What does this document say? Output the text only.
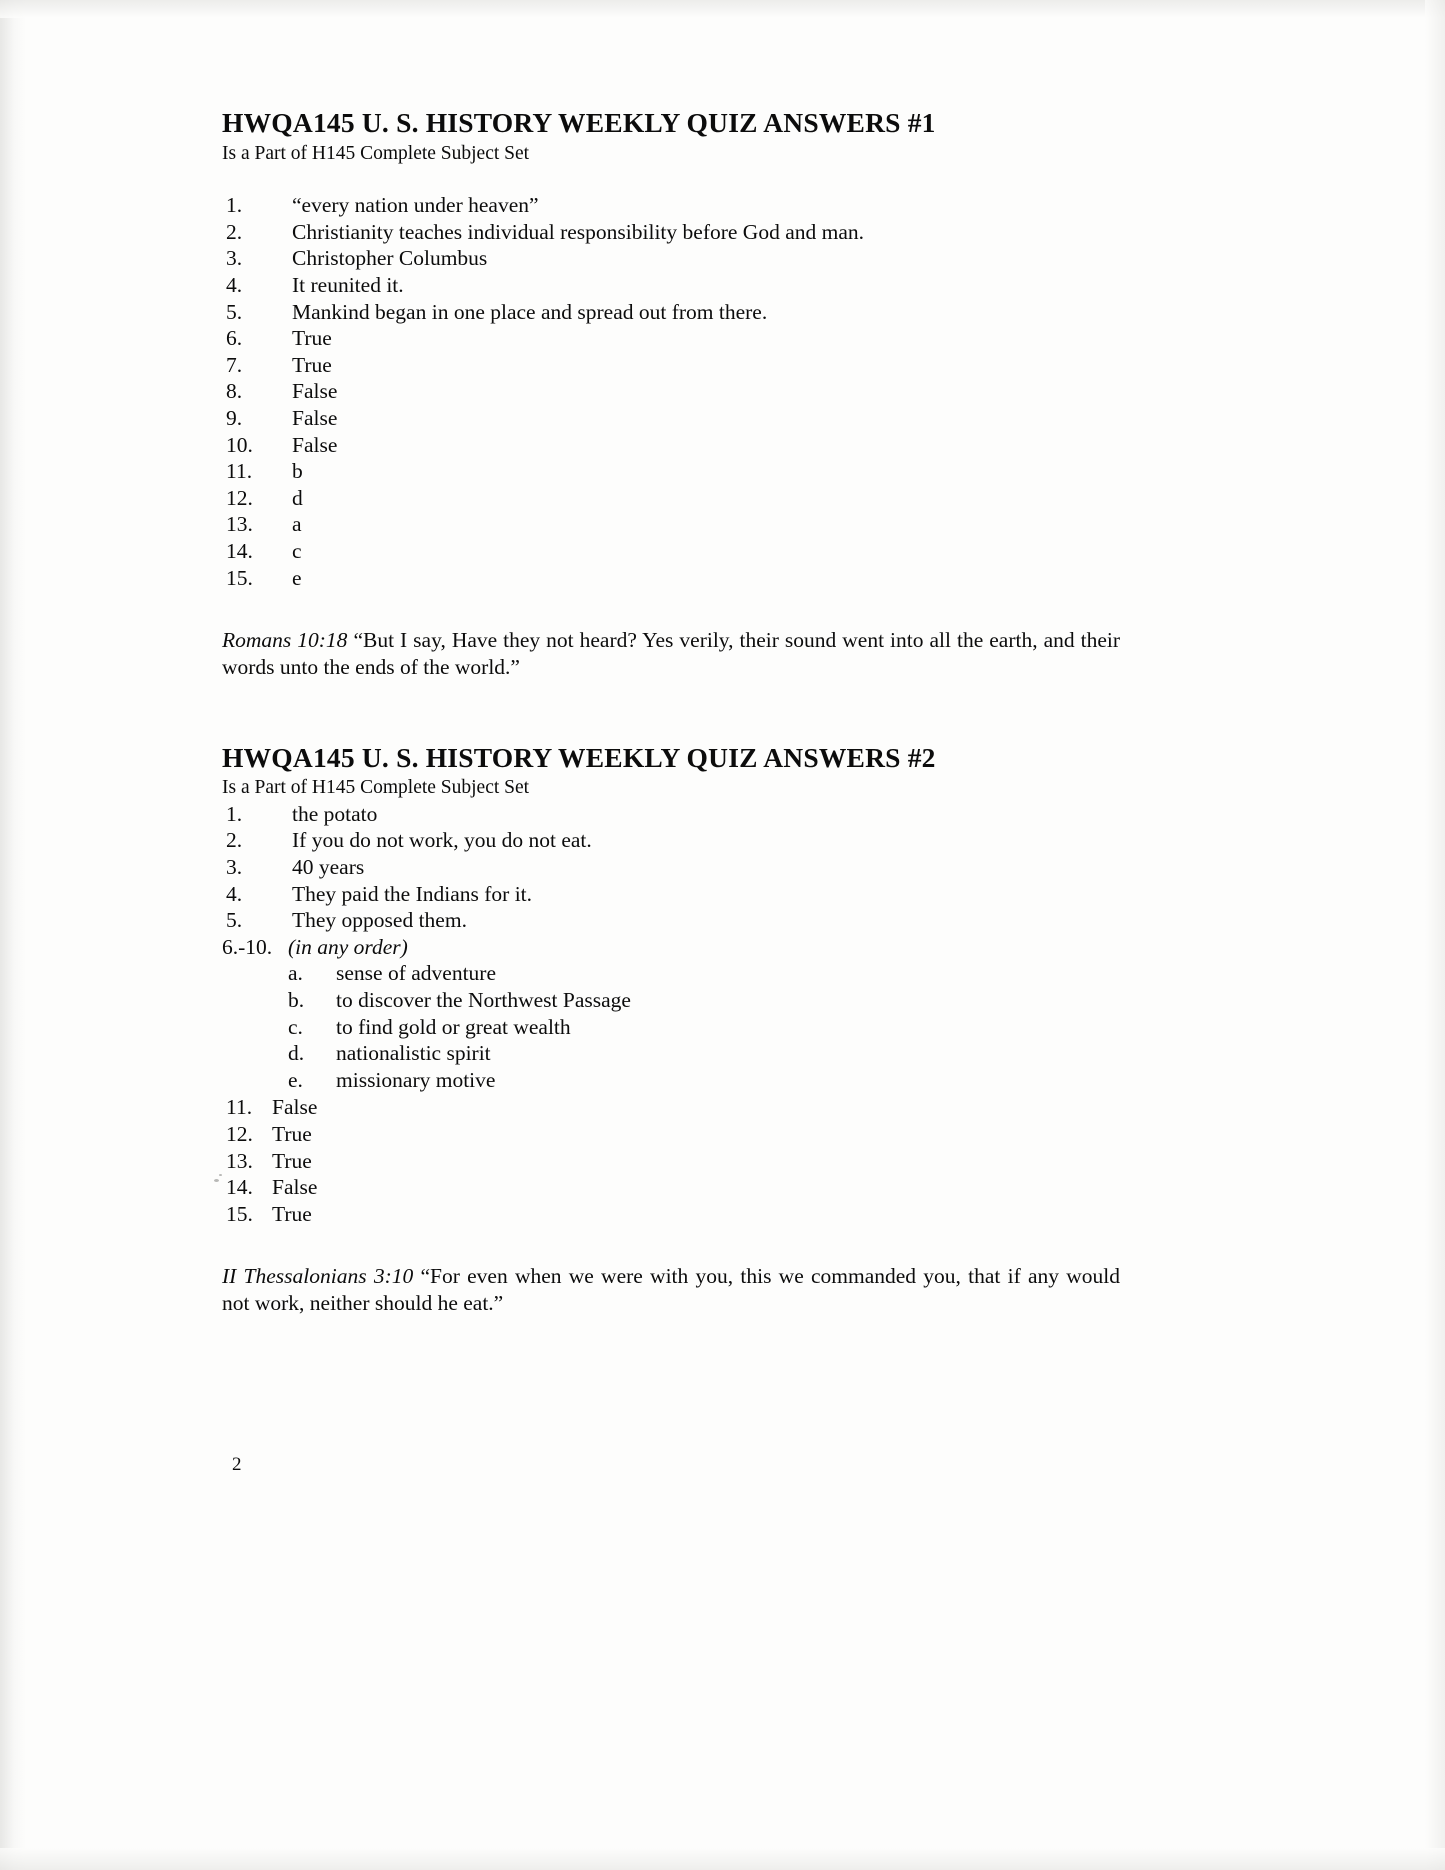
HWQA145 U. S. HISTORY WEEKLY QUIZ ANSWERS #1

Is a Part of H145 Complete Subject Set

1.	“every nation under heaven”
2.	Christianity teaches individual responsibility before God and man.
3.	Christopher Columbus
4.	It reunited it.
5.	Mankind began in one place and spread out from there.
6.	True
7.	True
8.	False
9.	False
10.	False
11.	b
12.	d
13.	a
14.	c
15.	e

Romans 10:18 “But I say, Have they not heard? Yes verily, their sound went into all the earth, and their words unto the ends of the world.”

HWQA145 U. S. HISTORY WEEKLY QUIZ ANSWERS #2

Is a Part of H145 Complete Subject Set

1.	the potato
2.	If you do not work, you do not eat.
3.	40 years
4.	They paid the Indians for it.
5.	They opposed them.
6.-10. (in any order)
a.	sense of adventure
b.	to discover the Northwest Passage
c.	to find gold or great wealth
d.	nationalistic spirit
e.	missionary motive
11. False
12. True
13. True
14. False
15. True

II Thessalonians 3:10 “For even when we were with you, this we commanded you, that if any would not work, neither should he eat.”

2
